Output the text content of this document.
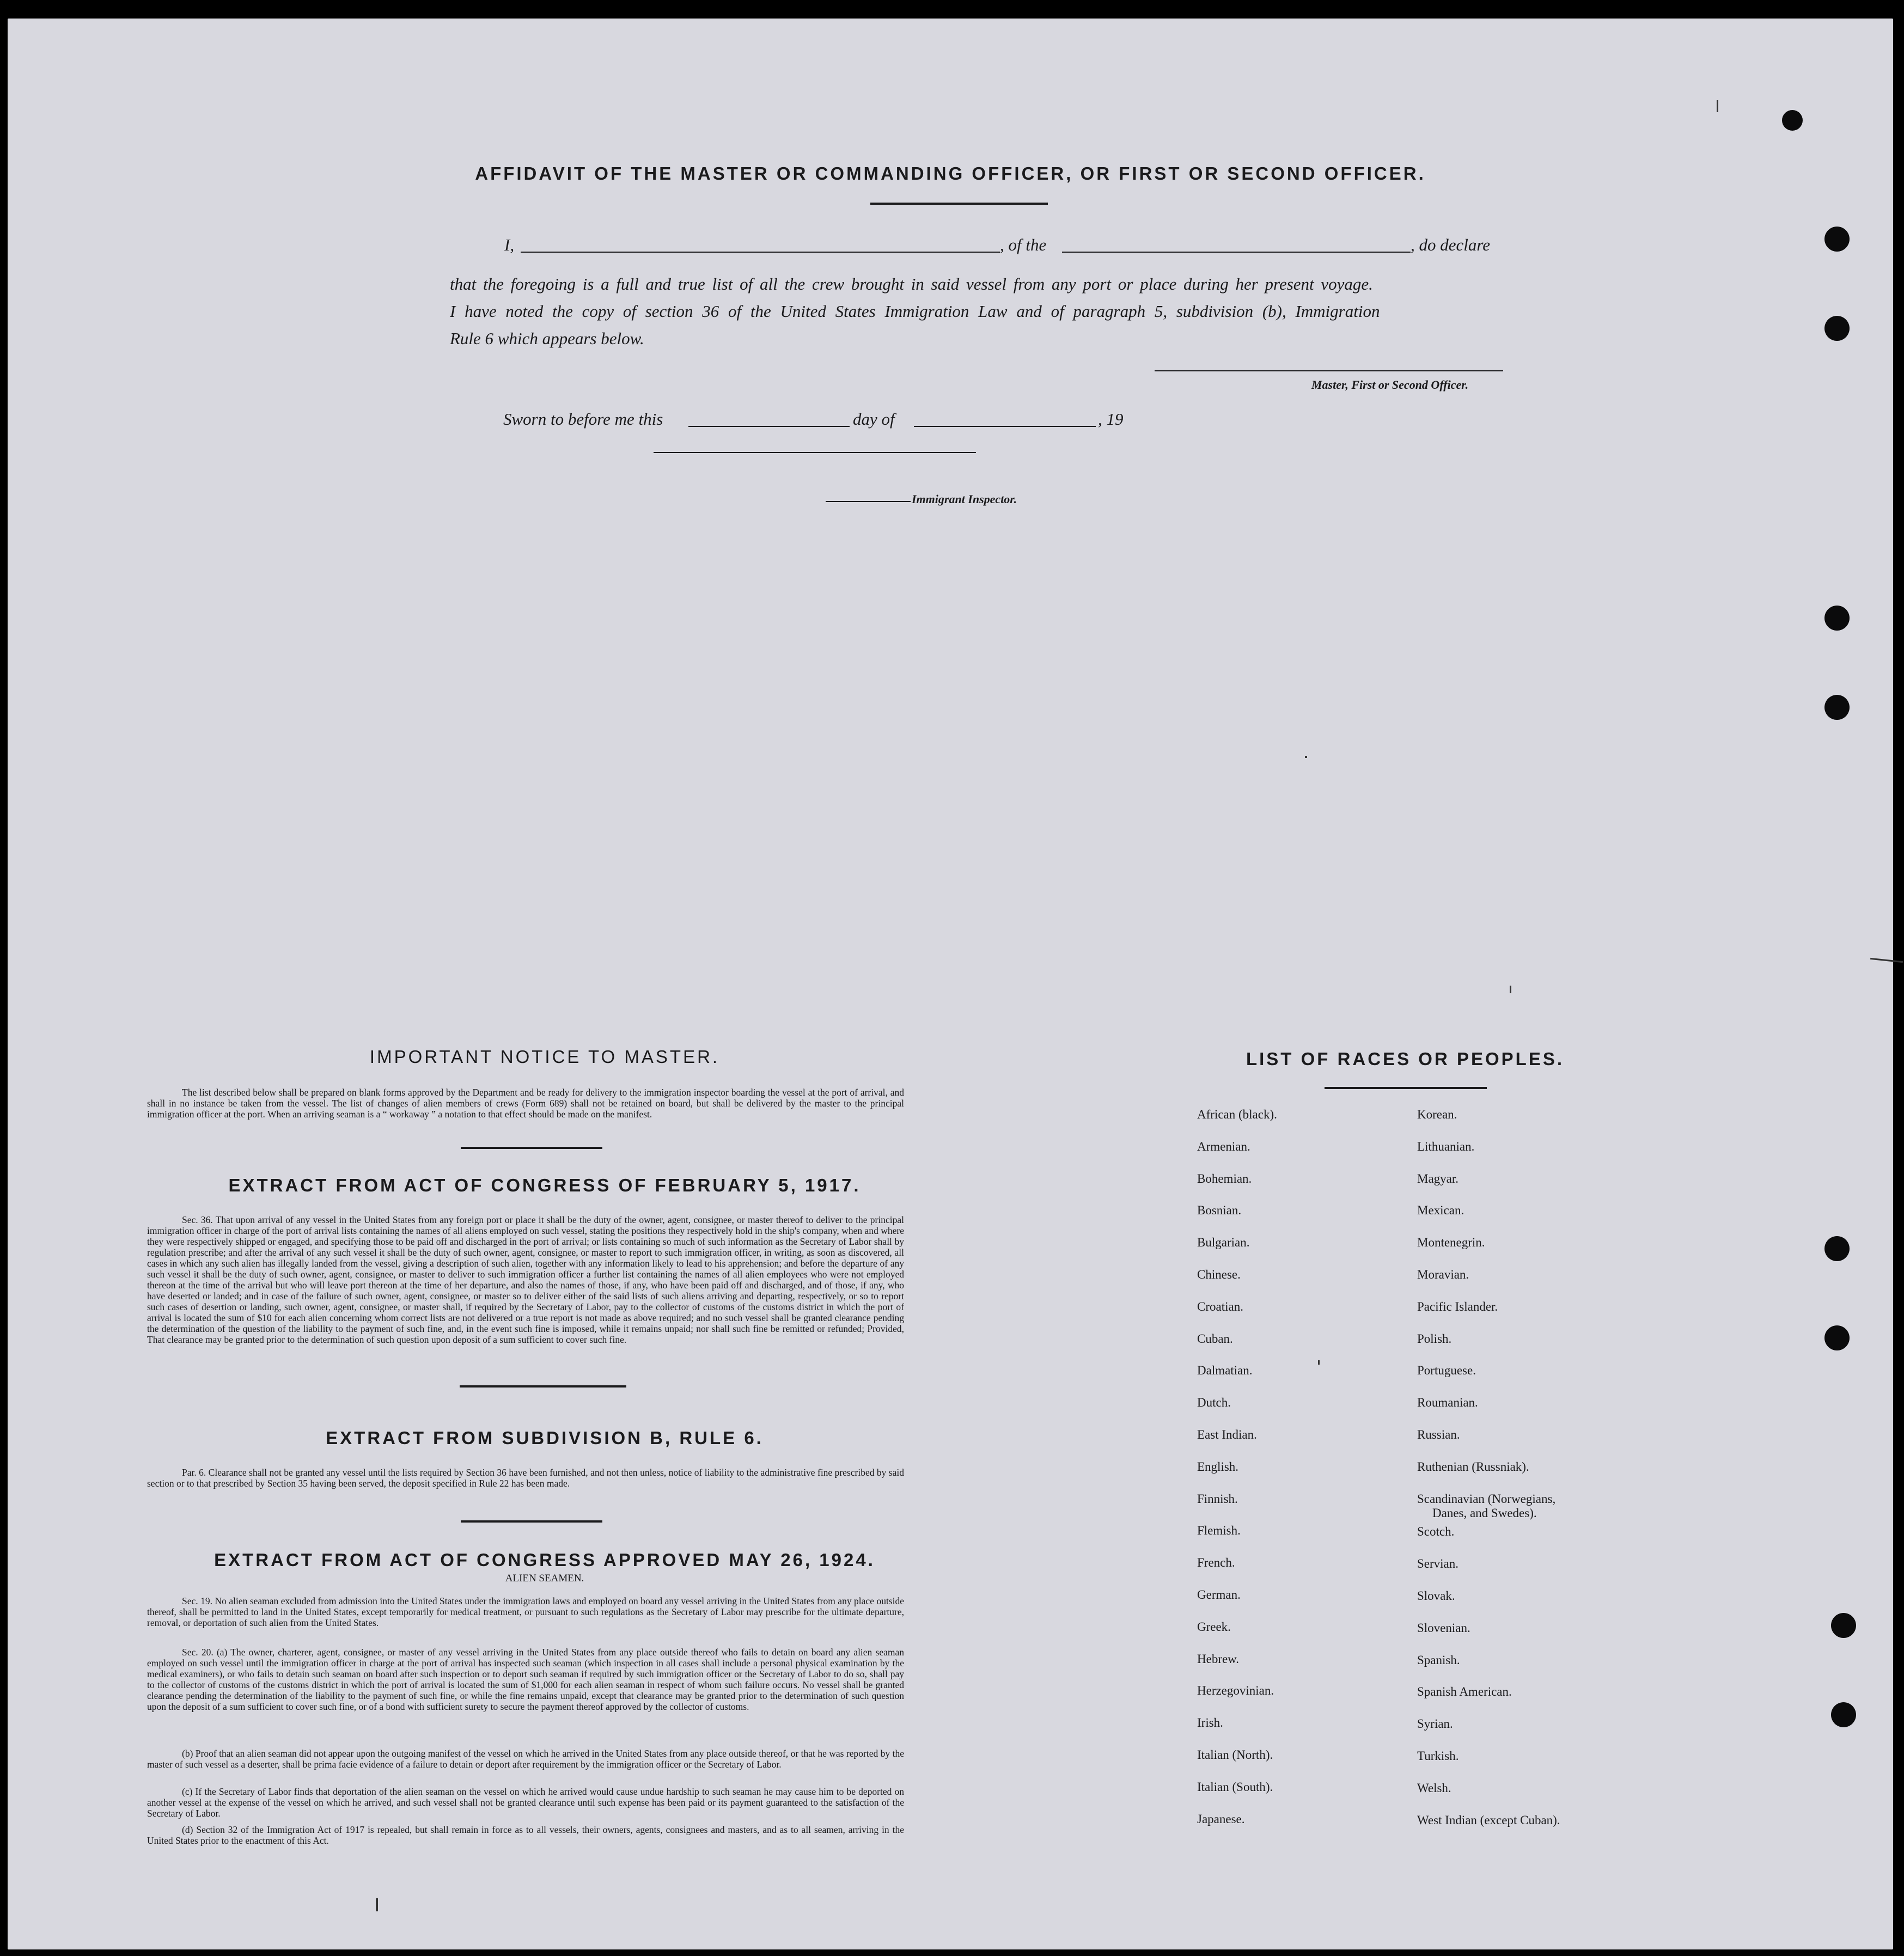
AFFIDAVIT OF THE MASTER OR COMMANDING OFFICER, OR FIRST OR SECOND OFFICER.
I,	, of the	, do declare
that the foregoing is a full and true list of all the crew brought in said vessel from any port or place during her present voyage.
I have noted the copy of section 36 of the United States Immigration Law and of paragraph 5, subdivision (b), Immigration
Rule 6 which appears below.
Master, First or Second Officer.
Sworn to before me this	day of	, 19
Immigrant Inspector.
IMPORTANT NOTICE TO MASTER.
The list described below shall be prepared on blank forms approved by the Department and be ready for delivery to the immigration inspector boarding the vessel at the port of arrival, and shall in no instance be taken from the vessel. The list of changes of alien members of crews (Form 689) shall not be retained on board, but shall be delivered by the master to the principal immigration officer at the port. When an arriving seaman is a “ workaway ” a notation to that effect should be made on the manifest.
EXTRACT FROM ACT OF CONGRESS OF FEBRUARY 5, 1917.
Sec. 36. That upon arrival of any vessel in the United States from any foreign port or place it shall be the duty of the owner, agent, consignee, or master thereof to deliver to the principal immigration officer in charge of the port of arrival lists containing the names of all aliens employed on such vessel, stating the positions they respectively hold in the ship's company, when and where they were respectively shipped or engaged, and specifying those to be paid off and discharged in the port of arrival; or lists containing so much of such information as the Secretary of Labor shall by regulation prescribe; and after the arrival of any such vessel it shall be the duty of such owner, agent, consignee, or master to report to such immigration officer, in writing, as soon as discovered, all cases in which any such alien has illegally landed from the vessel, giving a description of such alien, together with any information likely to lead to his apprehension; and before the departure of any such vessel it shall be the duty of such owner, agent, consignee, or master to deliver to such immigration officer a further list containing the names of all alien employees who were not employed thereon at the time of the arrival but who will leave port thereon at the time of her departure, and also the names of those, if any, who have been paid off and discharged, and of those, if any, who have deserted or landed; and in case of the failure of such owner, agent, consignee, or master so to deliver either of the said lists of such aliens arriving and departing, respectively, or so to report such cases of desertion or landing, such owner, agent, consignee, or master shall, if required by the Secretary of Labor, pay to the collector of customs of the customs district in which the port of arrival is located the sum of $10 for each alien concerning whom correct lists are not delivered or a true report is not made as above required; and no such vessel shall be granted clearance pending the determination of the question of the liability to the payment of such fine, and, in the event such fine is imposed, while it remains unpaid; nor shall such fine be remitted or refunded; Provided, That clearance may be granted prior to the determination of such question upon deposit of a sum sufficient to cover such fine.
EXTRACT FROM SUBDIVISION B, RULE 6.
Par. 6. Clearance shall not be granted any vessel until the lists required by Section 36 have been furnished, and not then unless, notice of liability to the administrative fine prescribed by said section or to that prescribed by Section 35 having been served, the deposit specified in Rule 22 has been made.
EXTRACT FROM ACT OF CONGRESS APPROVED MAY 26, 1924.
ALIEN SEAMEN.
Sec. 19. No alien seaman excluded from admission into the United States under the immigration laws and employed on board any vessel arriving in the United States from any place outside thereof, shall be permitted to land in the United States, except temporarily for medical treatment, or pursuant to such regulations as the Secretary of Labor may prescribe for the ultimate departure, removal, or deportation of such alien from the United States.
Sec. 20. (a) The owner, charterer, agent, consignee, or master of any vessel arriving in the United States from any place outside thereof who fails to detain on board any alien seaman employed on such vessel until the immigration officer in charge at the port of arrival has inspected such seaman (which inspection in all cases shall include a personal physical examination by the medical examiners), or who fails to detain such seaman on board after such inspection or to deport such seaman if required by such immigration officer or the Secretary of Labor to do so, shall pay to the collector of customs of the customs district in which the port of arrival is located the sum of $1,000 for each alien seaman in respect of whom such failure occurs. No vessel shall be granted clearance pending the determination of the liability to the payment of such fine, or while the fine remains unpaid, except that clearance may be granted prior to the determination of such question upon the deposit of a sum sufficient to cover such fine, or of a bond with sufficient surety to secure the payment thereof approved by the collector of customs.
(b) Proof that an alien seaman did not appear upon the outgoing manifest of the vessel on which he arrived in the United States from any place outside thereof, or that he was reported by the master of such vessel as a deserter, shall be prima facie evidence of a failure to detain or deport after requirement by the immigration officer or the Secretary of Labor.
(c) If the Secretary of Labor finds that deportation of the alien seaman on the vessel on which he arrived would cause undue hardship to such seaman he may cause him to be deported on another vessel at the expense of the vessel on which he arrived, and such vessel shall not be granted clearance until such expense has been paid or its payment guaranteed to the satisfaction of the Secretary of Labor.
(d) Section 32 of the Immigration Act of 1917 is repealed, but shall remain in force as to all vessels, their owners, agents, consignees and masters, and as to all seamen, arriving in the United States prior to the enactment of this Act.
LIST OF RACES OR PEOPLES.
African (black).
Armenian.
Bohemian.
Bosnian.
Bulgarian.
Chinese.
Croatian.
Cuban.
Dalmatian.
Dutch.
East Indian.
English.
Finnish.
Flemish.
French.
German.
Greek.
Hebrew.
Herzegovinian.
Irish.
Italian (North).
Italian (South).
Japanese.
Korean.
Lithuanian.
Magyar.
Mexican.
Montenegrin.
Moravian.
Pacific Islander.
Polish.
Portuguese.
Roumanian.
Russian.
Ruthenian (Russniak).
Scandinavian (Norwegians,
Danes, and Swedes).
Scotch.
Servian.
Slovak.
Slovenian.
Spanish.
Spanish American.
Syrian.
Turkish.
Welsh.
West Indian (except Cuban).
